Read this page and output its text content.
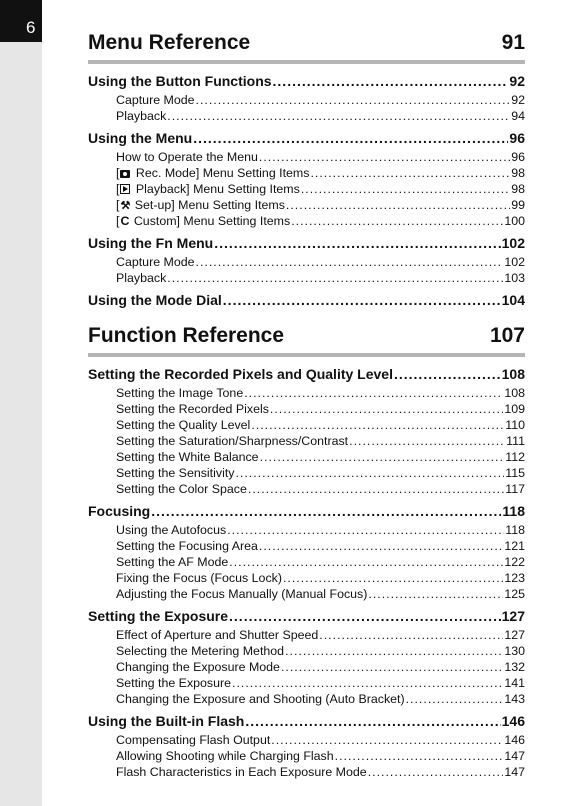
6
Menu Reference	91
Using the Button Functions .....	92
Capture Mode .....	92
Playback .....	94
Using the Menu .....	96
How to Operate the Menu .....	96
[ Rec. Mode] Menu Setting Items .....	98
[ Playback] Menu Setting Items .....	98
[⚒ Set-up] Menu Setting Items .....	99
[C Custom] Menu Setting Items .....	100
Using the Fn Menu .....	102
Capture Mode .....	102
Playback .....	103
Using the Mode Dial .....	104
Function Reference	107
Setting the Recorded Pixels and Quality Level .....	108
Setting the Image Tone .....	108
Setting the Recorded Pixels .....	109
Setting the Quality Level .....	110
Setting the Saturation/Sharpness/Contrast .....	111
Setting the White Balance .....	112
Setting the Sensitivity .....	115
Setting the Color Space .....	117
Focusing .....	118
Using the Autofocus .....	118
Setting the Focusing Area .....	121
Setting the AF Mode .....	122
Fixing the Focus (Focus Lock) .....	123
Adjusting the Focus Manually (Manual Focus) .....	125
Setting the Exposure .....	127
Effect of Aperture and Shutter Speed .....	127
Selecting the Metering Method .....	130
Changing the Exposure Mode .....	132
Setting the Exposure .....	141
Changing the Exposure and Shooting (Auto Bracket) .....	143
Using the Built-in Flash .....	146
Compensating Flash Output .....	146
Allowing Shooting while Charging Flash .....	147
Flash Characteristics in Each Exposure Mode .....	147
